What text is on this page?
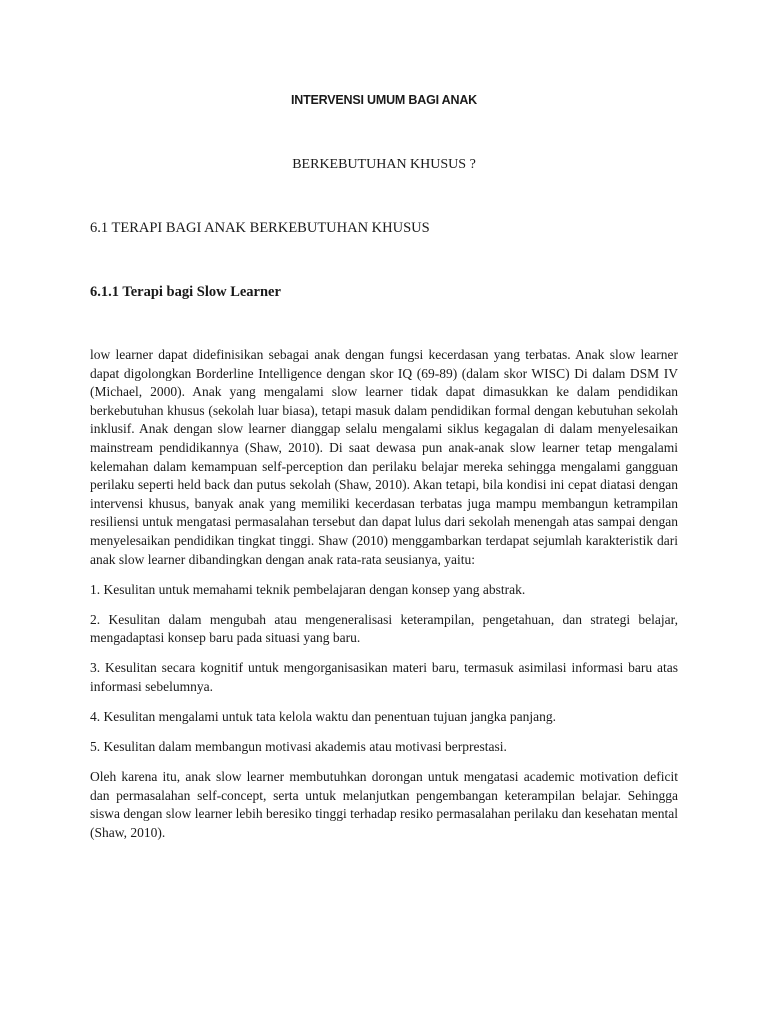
INTERVENSI UMUM BAGI ANAK
BERKEBUTUHAN KHUSUS ?
6.1 TERAPI BAGI ANAK BERKEBUTUHAN KHUSUS
6.1.1 Terapi bagi Slow Learner

low learner dapat didefinisikan sebagai anak dengan fungsi kecerdasan yang terbatas. Anak slow learner dapat digolongkan Borderline Intelligence dengan skor IQ (69-89) (dalam skor WISC) Di dalam DSM IV (Michael, 2000). Anak yang mengalami slow learner tidak dapat dimasukkan ke dalam pendidikan berkebutuhan khusus (sekolah luar biasa), tetapi masuk dalam pendidikan formal dengan kebutuhan sekolah inklusif. Anak dengan slow learner dianggap selalu mengalami siklus kegagalan di dalam menyelesaikan mainstream pendidikannya (Shaw, 2010). Di saat dewasa pun anak-anak slow learner tetap mengalami kelemahan dalam kemampuan self-perception dan perilaku belajar mereka sehingga mengalami gangguan perilaku seperti held back dan putus sekolah (Shaw, 2010). Akan tetapi, bila kondisi ini cepat diatasi dengan intervensi khusus, banyak anak yang memiliki kecerdasan terbatas juga mampu membangun ketrampilan resiliensi untuk mengatasi permasalahan tersebut dan dapat lulus dari sekolah menengah atas sampai dengan menyelesaikan pendidikan tingkat tinggi. Shaw (2010) menggambarkan terdapat sejumlah karakteristik dari anak slow learner dibandingkan dengan anak rata-rata seusianya, yaitu:

1. Kesulitan untuk memahami teknik pembelajaran dengan konsep yang abstrak.

2. Kesulitan dalam mengubah atau mengeneralisasi keterampilan, pengetahuan, dan strategi belajar, mengadaptasi konsep baru pada situasi yang baru.

3. Kesulitan secara kognitif untuk mengorganisasikan materi baru, termasuk asimilasi informasi baru atas informasi sebelumnya.

4. Kesulitan mengalami untuk tata kelola waktu dan penentuan tujuan jangka panjang.

5. Kesulitan dalam membangun motivasi akademis atau motivasi berprestasi.

Oleh karena itu, anak slow learner membutuhkan dorongan untuk mengatasi academic motivation deficit dan permasalahan self-concept, serta untuk melanjutkan pengembangan keterampilan belajar. Sehingga siswa dengan slow learner lebih beresiko tinggi terhadap resiko permasalahan perilaku dan kesehatan mental (Shaw, 2010).
